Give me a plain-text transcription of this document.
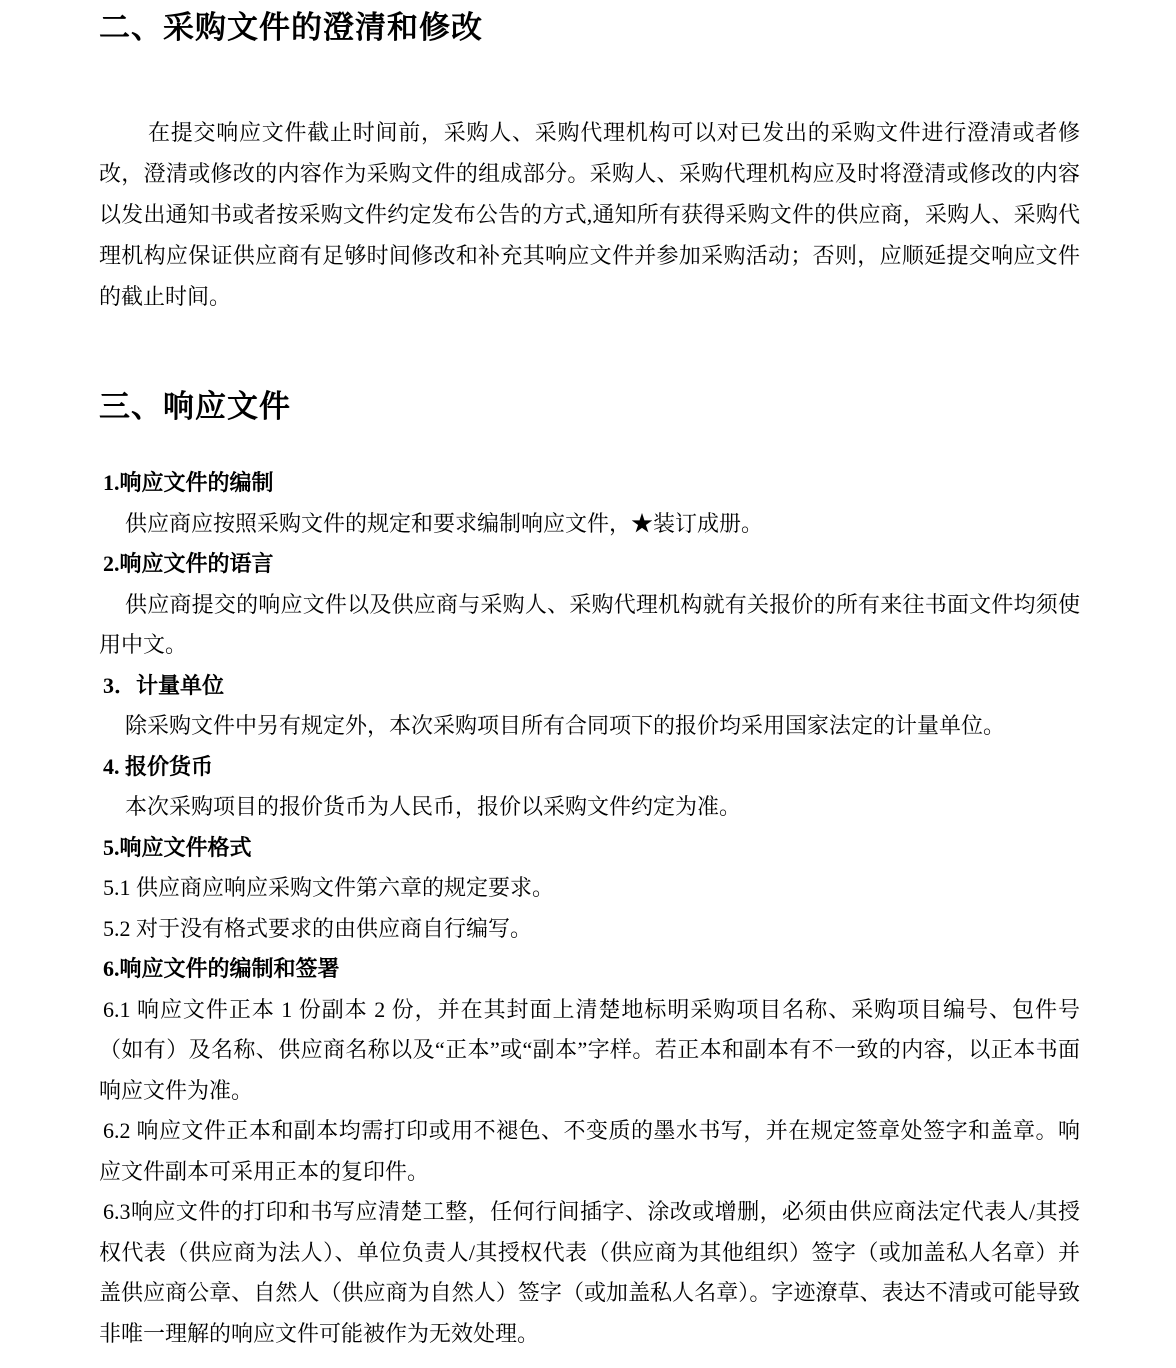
二、采购文件的澄清和修改

在提交响应文件截止时间前，采购人、采购代理机构可以对已发出的采购文件进行澄清或者修改，澄清或修改的内容作为采购文件的组成部分。采购人、采购代理机构应及时将澄清或修改的内容以发出通知书或者按采购文件约定发布公告的方式,通知所有获得采购文件的供应商，采购人、采购代理机构应保证供应商有足够时间修改和补充其响应文件并参加采购活动；否则，应顺延提交响应文件的截止时间。

三、响应文件
1.响应文件的编制

供应商应按照采购文件的规定和要求编制响应文件，★装订成册。

2.响应文件的语言

供应商提交的响应文件以及供应商与采购人、采购代理机构就有关报价的所有来往书面文件均须使用中文。

3．计量单位

除采购文件中另有规定外，本次采购项目所有合同项下的报价均采用国家法定的计量单位。

4. 报价货币

本次采购项目的报价货币为人民币，报价以采购文件约定为准。

5.响应文件格式

5.1 供应商应响应采购文件第六章的规定要求。

5.2 对于没有格式要求的由供应商自行编写。

6.响应文件的编制和签署

6.1 响应文件正本 1 份副本 2 份，并在其封面上清楚地标明采购项目名称、采购项目编号、包件号（如有）及名称、供应商名称以及“正本”或“副本”字样。若正本和副本有不一致的内容，以正本书面响应文件为准。

6.2 响应文件正本和副本均需打印或用不褪色、不变质的墨水书写，并在规定签章处签字和盖章。响应文件副本可采用正本的复印件。

6.3响应文件的打印和书写应清楚工整，任何行间插字、涂改或增删，必须由供应商法定代表人/其授权代表（供应商为法人）、单位负责人/其授权代表（供应商为其他组织）签字（或加盖私人名章）并盖供应商公章、自然人（供应商为自然人）签字（或加盖私人名章）。字迹潦草、表达不清或可能导致非唯一理解的响应文件可能被作为无效处理。
